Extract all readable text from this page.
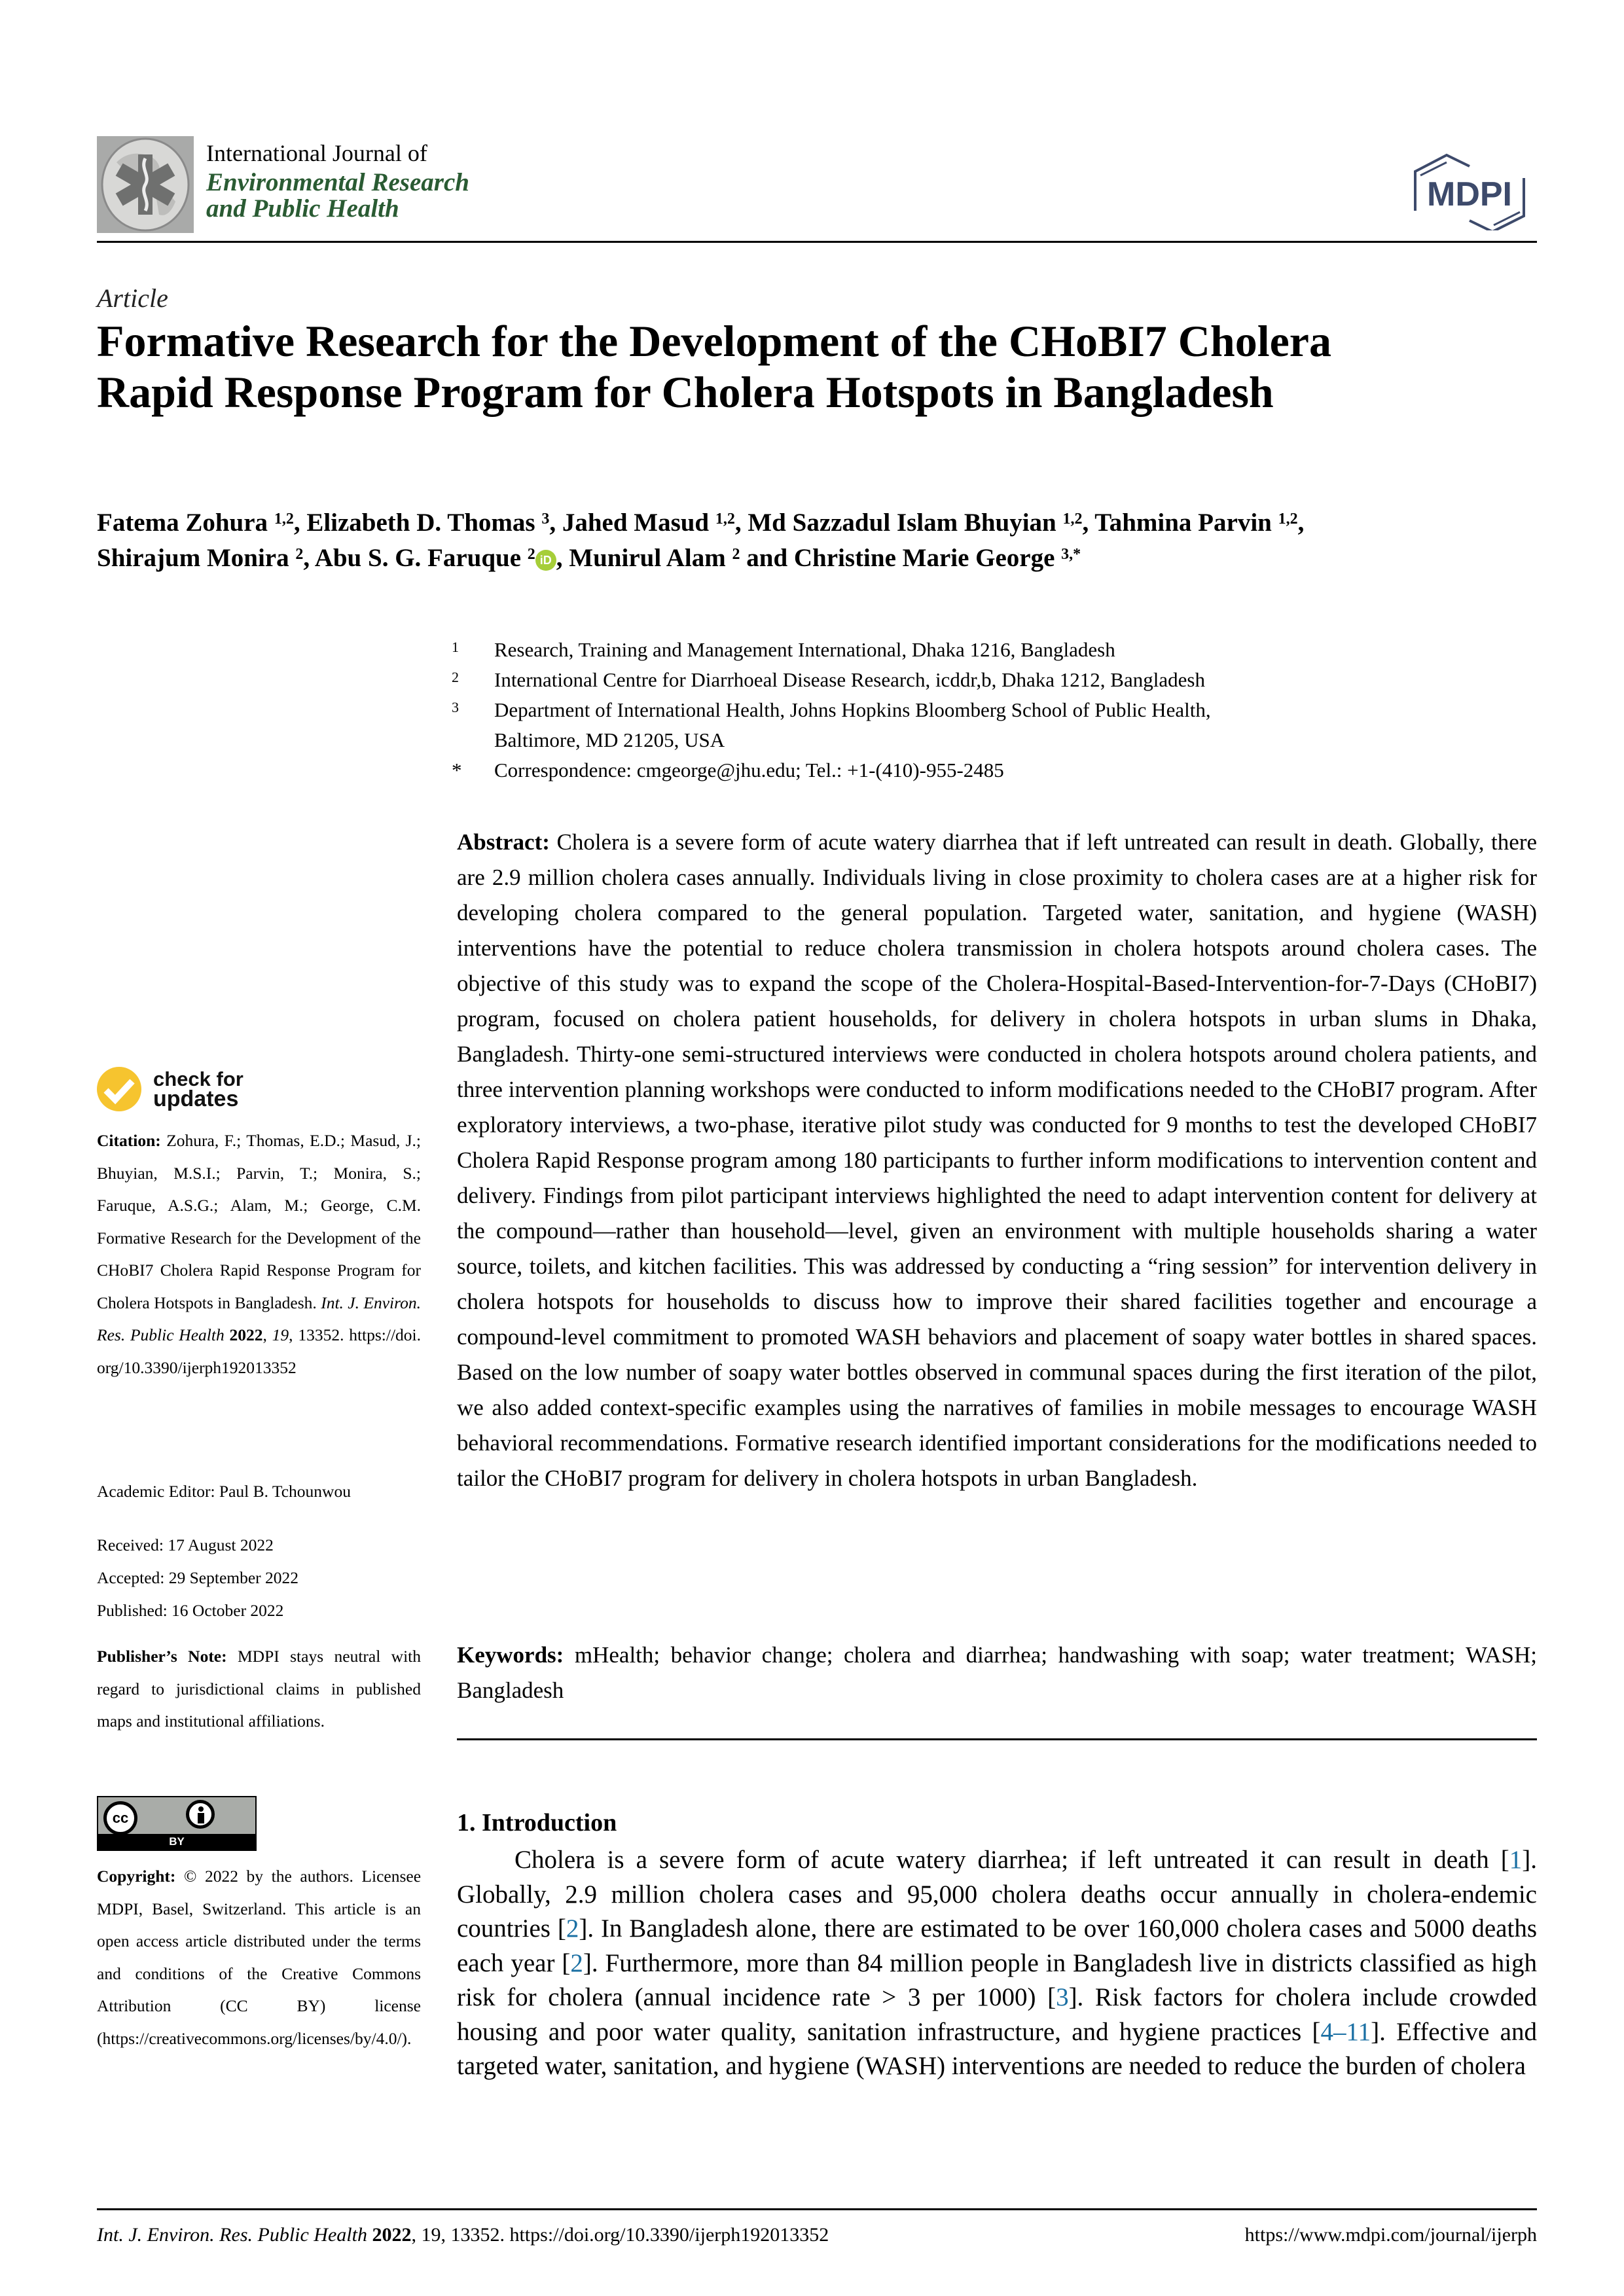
International Journal of
Environmental Research
and Public Health	MDPI
Article
Formative Research for the Development of the CHoBI7 Cholera Rapid Response Program for Cholera Hotspots in Bangladesh
Fatema Zohura $^{1,2}$, Elizabeth D. Thomas $^3$, Jahed Masud $^{1,2}$, Md Sazzadul Islam Bhuyian $^{1,2}$, Tahmina Parvin $^{1,2}$,
Shirajum Monira $^2$, Abu S. G. Faruque $^2$ iD , Munirul Alam $^2$ and Christine Marie George $^{3,*}$
1	Research, Training and Management International, Dhaka 1216, Bangladesh
2	International Centre for Diarrhoeal Disease Research, icddr,b, Dhaka 1212, Bangladesh
3	Department of International Health, Johns Hopkins Bloomberg School of Public Health,
Baltimore, MD 21205, USA
*	Correspondence: cmgeorge@jhu.edu; Tel.: +1-(410)-955-2485
check for
updates
Citation: Zohura, F.; Thomas, E.D.; Masud, J.; Bhuyian, M.S.I.; Parvin, T.; Monira, S.; Faruque, A.S.G.; Alam, M.; George, C.M. Formative Research for the Development of the CHoBI7 Cholera Rapid Response Program for Cholera Hotspots in Bangladesh. Int. J. Environ. Res. Public Health 2022, 19, 13352. https://doi.org/10.3390/ijerph192013352
Academic Editor: Paul B. Tchounwou
Received: 17 August 2022
Accepted: 29 September 2022
Published: 16 October 2022
Publisher’s Note: MDPI stays neutral with regard to jurisdictional claims in published maps and institutional affiliations.
cc
BY
Copyright: © 2022 by the authors. Licensee MDPI, Basel, Switzerland. This article is an open access article distributed under the terms and conditions of the Creative Commons Attribution (CC BY) license (https://creativecommons.org/licenses/by/4.0/).
Abstract: Cholera is a severe form of acute watery diarrhea that if left untreated can result in death. Globally, there are 2.9 million cholera cases annually. Individuals living in close proximity to cholera cases are at a higher risk for developing cholera compared to the general population. Targeted water, sanitation, and hygiene (WASH) interventions have the potential to reduce cholera transmission in cholera hotspots around cholera cases. The objective of this study was to expand the scope of the Cholera-Hospital-Based-Intervention-for-7-Days (CHoBI7) program, focused on cholera patient households, for delivery in cholera hotspots in urban slums in Dhaka, Bangladesh. Thirty-one semi-structured interviews were conducted in cholera hotspots around cholera patients, and three intervention planning workshops were conducted to inform modifications needed to the CHoBI7 program. After exploratory interviews, a two-phase, iterative pilot study was conducted for 9 months to test the developed CHoBI7 Cholera Rapid Response program among 180 participants to further inform modifications to intervention content and delivery. Findings from pilot participant interviews highlighted the need to adapt intervention content for delivery at the compound—rather than household—level, given an environment with multiple households sharing a water source, toilets, and kitchen facilities. This was addressed by conducting a “ring session” for intervention delivery in cholera hotspots for households to discuss how to improve their shared facilities together and encourage a compound-level commitment to promoted WASH behaviors and placement of soapy water bottles in shared spaces. Based on the low number of soapy water bottles observed in communal spaces during the first iteration of the pilot, we also added context-specific examples using the narratives of families in mobile messages to encourage WASH behavioral recommendations. Formative research identified important considerations for the modifications needed to tailor the CHoBI7 program for delivery in cholera hotspots in urban Bangladesh.
Keywords: mHealth; behavior change; cholera and diarrhea; handwashing with soap; water treatment; WASH; Bangladesh
1. Introduction
Cholera is a severe form of acute watery diarrhea; if left untreated it can result in death [1]. Globally, 2.9 million cholera cases and 95,000 cholera deaths occur annually in cholera-endemic countries [2]. In Bangladesh alone, there are estimated to be over 160,000 cholera cases and 5000 deaths each year [2]. Furthermore, more than 84 million people in Bangladesh live in districts classified as high risk for cholera (annual incidence rate > 3 per 1000) [3]. Risk factors for cholera include crowded housing and poor water quality, sanitation infrastructure, and hygiene practices [4–11]. Effective and targeted water, sanitation, and hygiene (WASH) interventions are needed to reduce the burden of cholera
Int. J. Environ. Res. Public Health 2022, 19, 13352. https://doi.org/10.3390/ijerph192013352	https://www.mdpi.com/journal/ijerph
